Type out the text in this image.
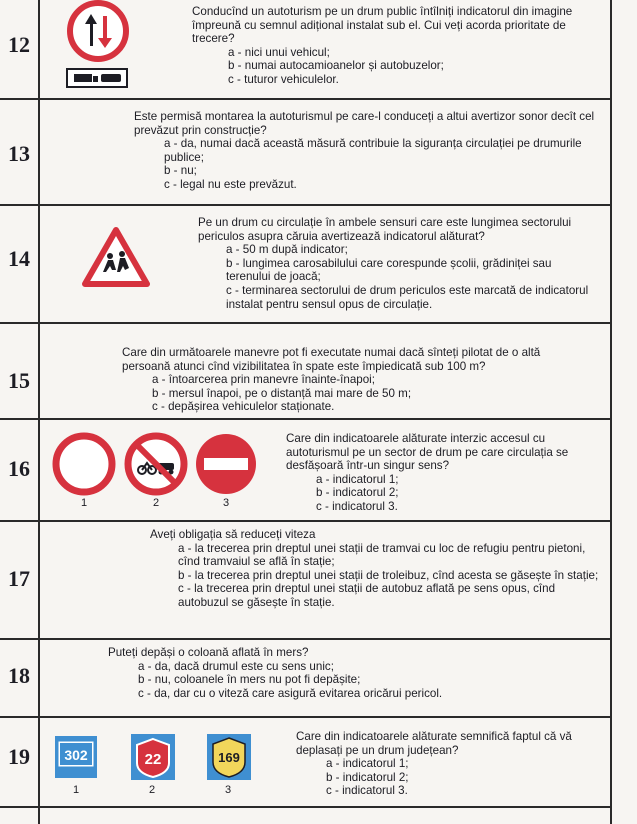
12

Conducînd un autoturism pe un drum public întîlniți indicatorul din imagine împreună cu semnul adițional instalat sub el. Cui veți acorda prioritate de trecere?

a - nici unui vehicul;

b - numai autocamioanelor și autobuzelor;

c - tuturor vehiculelor.

13

Este permisă montarea la autoturismul pe care-l conduceți a altui avertizor sonor decît cel prevăzut prin construcție?

a - da, numai dacă această măsură contribuie la siguranța circulației pe drumurile publice;

b - nu;

c - legal nu este prevăzut.

14

Pe un drum cu circulație în ambele sensuri care este lungimea sectorului periculos asupra căruia avertizează indicatorul alăturat?

a - 50 m după indicator;

b - lungimea carosabilului care corespunde școlii, grădiniței sau terenului de joacă;

c - terminarea sectorului de drum periculos este marcată de indicatorul instalat pentru sensul opus de circulație.

15

Care din următoarele manevre pot fi executate numai dacă sînteți pilotat de o altă persoană atunci cînd vizibilitatea în spate este împiedicată sub 100 m?

a - întoarcerea prin manevre înainte-înapoi;

b - mersul înapoi, pe o distanță mai mare de 50 m;

c - depășirea vehiculelor staționate.

16
1	2	3

Care din indicatoarele alăturate interzic accesul cu autoturismul pe un sector de drum pe care circulația se desfășoară într-un singur sens?

a - indicatorul 1;

b - indicatorul 2;

c - indicatorul 3.

17

Aveți obligația să reduceți viteza

a - la trecerea prin dreptul unei stații de tramvai cu loc de refugiu pentru pietoni, cînd tramvaiul se află în stație;

b - la trecerea prin dreptul unei stații de troleibuz, cînd acesta se găsește în stație;

c - la trecerea prin dreptul unei stații de autobuz aflată pe sens opus, cînd autobuzul se găsește în stație.

18

Puteți depăși o coloană aflată în mers?

a - da, dacă drumul este cu sens unic;

b - nu, coloanele în mers nu pot fi depășite;

c - da, dar cu o viteză care asigură evitarea oricărui pericol.

19	302
1
22
2
169
3

Care din indicatoarele alăturate semnifică faptul că vă deplasați pe un drum județean?

a - indicatorul 1;

b - indicatorul 2;

c - indicatorul 3.
